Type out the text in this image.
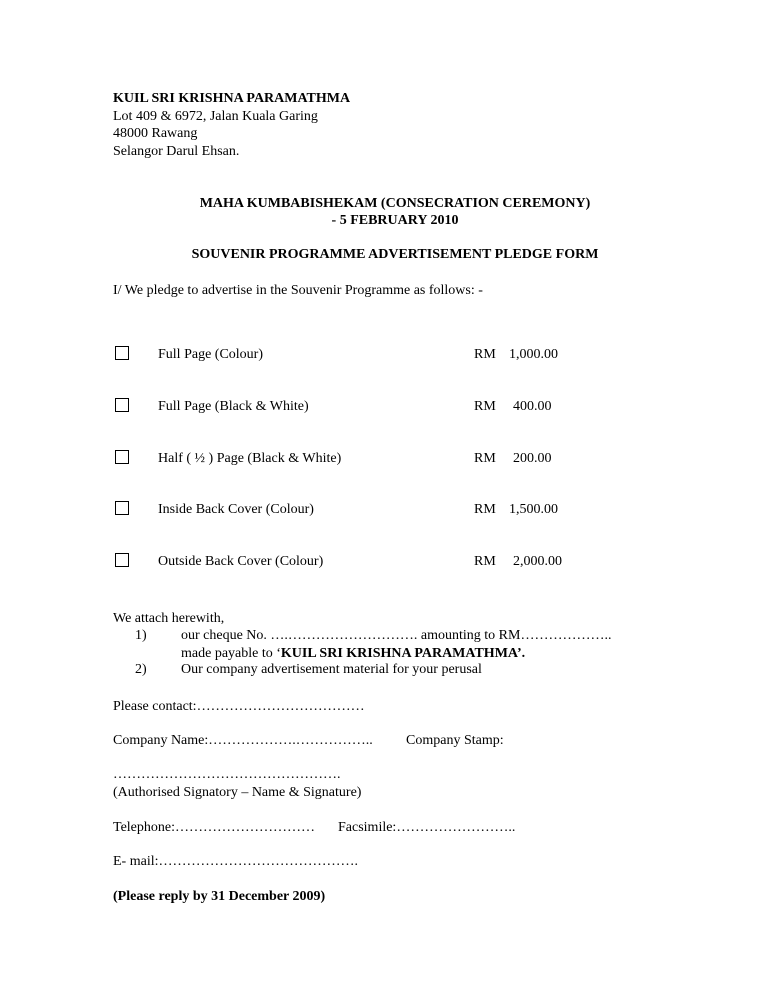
KUIL SRI KRISHNA PARAMATHMA
Lot 409 & 6972, Jalan Kuala Garing
48000 Rawang
Selangor Darul Ehsan.
MAHA KUMBABISHEKAM (CONSECRATION CEREMONY)
- 5 FEBRUARY 2010
SOUVENIR PROGRAMME ADVERTISEMENT PLEDGE FORM
I/ We pledge to advertise in the Souvenir Programme as follows: -
Full Page (Colour)	RM 1,000.00
Full Page (Black & White)	RM 400.00
Half ( ½ ) Page (Black & White)	RM 200.00
Inside Back Cover (Colour)	RM 1,500.00
Outside Back Cover (Colour)	RM 2,000.00
We attach herewith,
1) our cheque No. ….………………………. amounting to RM………………..
made payable to ‘KUIL SRI KRISHNA PARAMATHMA’.
2) Our company advertisement material for your perusal
Please contact:………………………………
Company Name:……………….…………….. Company Stamp:
………………………………………….
(Authorised Signatory – Name & Signature)
Telephone:………………………… Facsimile:……………………..
E- mail:…………………………………….
(Please reply by 31 December 2009)
